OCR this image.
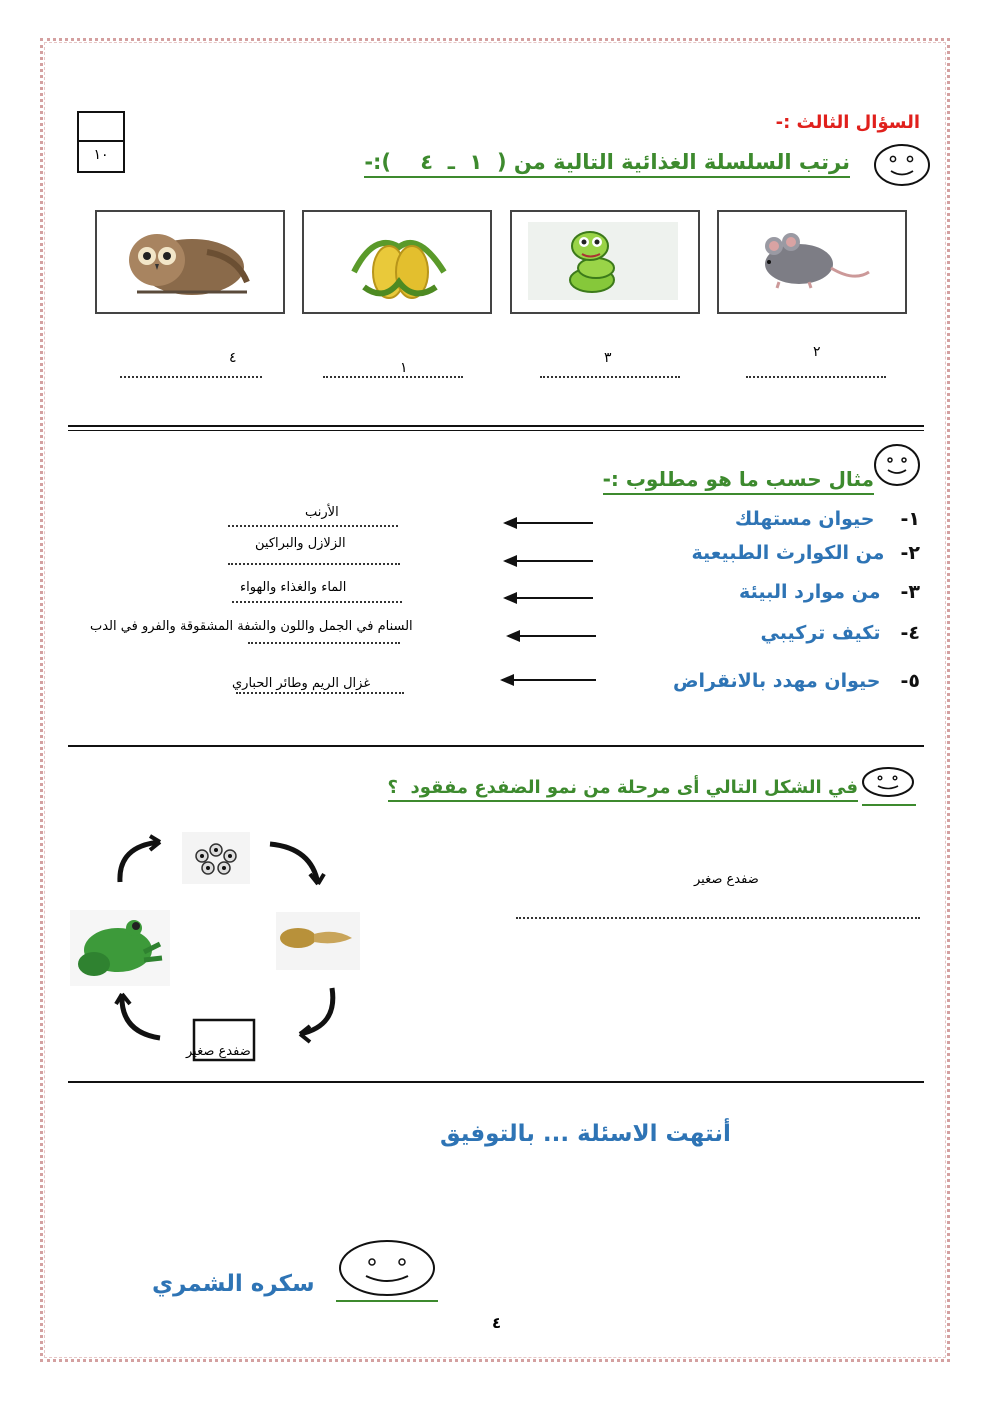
١٠
السؤال الثالث :-
نرتب السلسلة الغذائية التالية من (  ١  ـ  ٤    ):-
٢
٣
١
٤
مثال حسب ما هو مطلوب :-
١- حيوان مستهلك
الأرنب
٢- من الكوارث الطبيعية
الزلازل والبراكين
٣- من موارد البيئة
الماء والغذاء والهواء
٤- تكيف تركيبي
السنام في الجمل واللون والشفة المشقوقة والفرو في الدب
٥- حيوان مهدد بالانقراض
غزال الريم وطائر الحباري
في الشكل التالي أى مرحلة من نمو الضفدع مفقود  ؟
ضفدع صغير
ضفدع صغير
أنتهت الاسئلة ... بالتوفيق
سكره الشمري
٤
